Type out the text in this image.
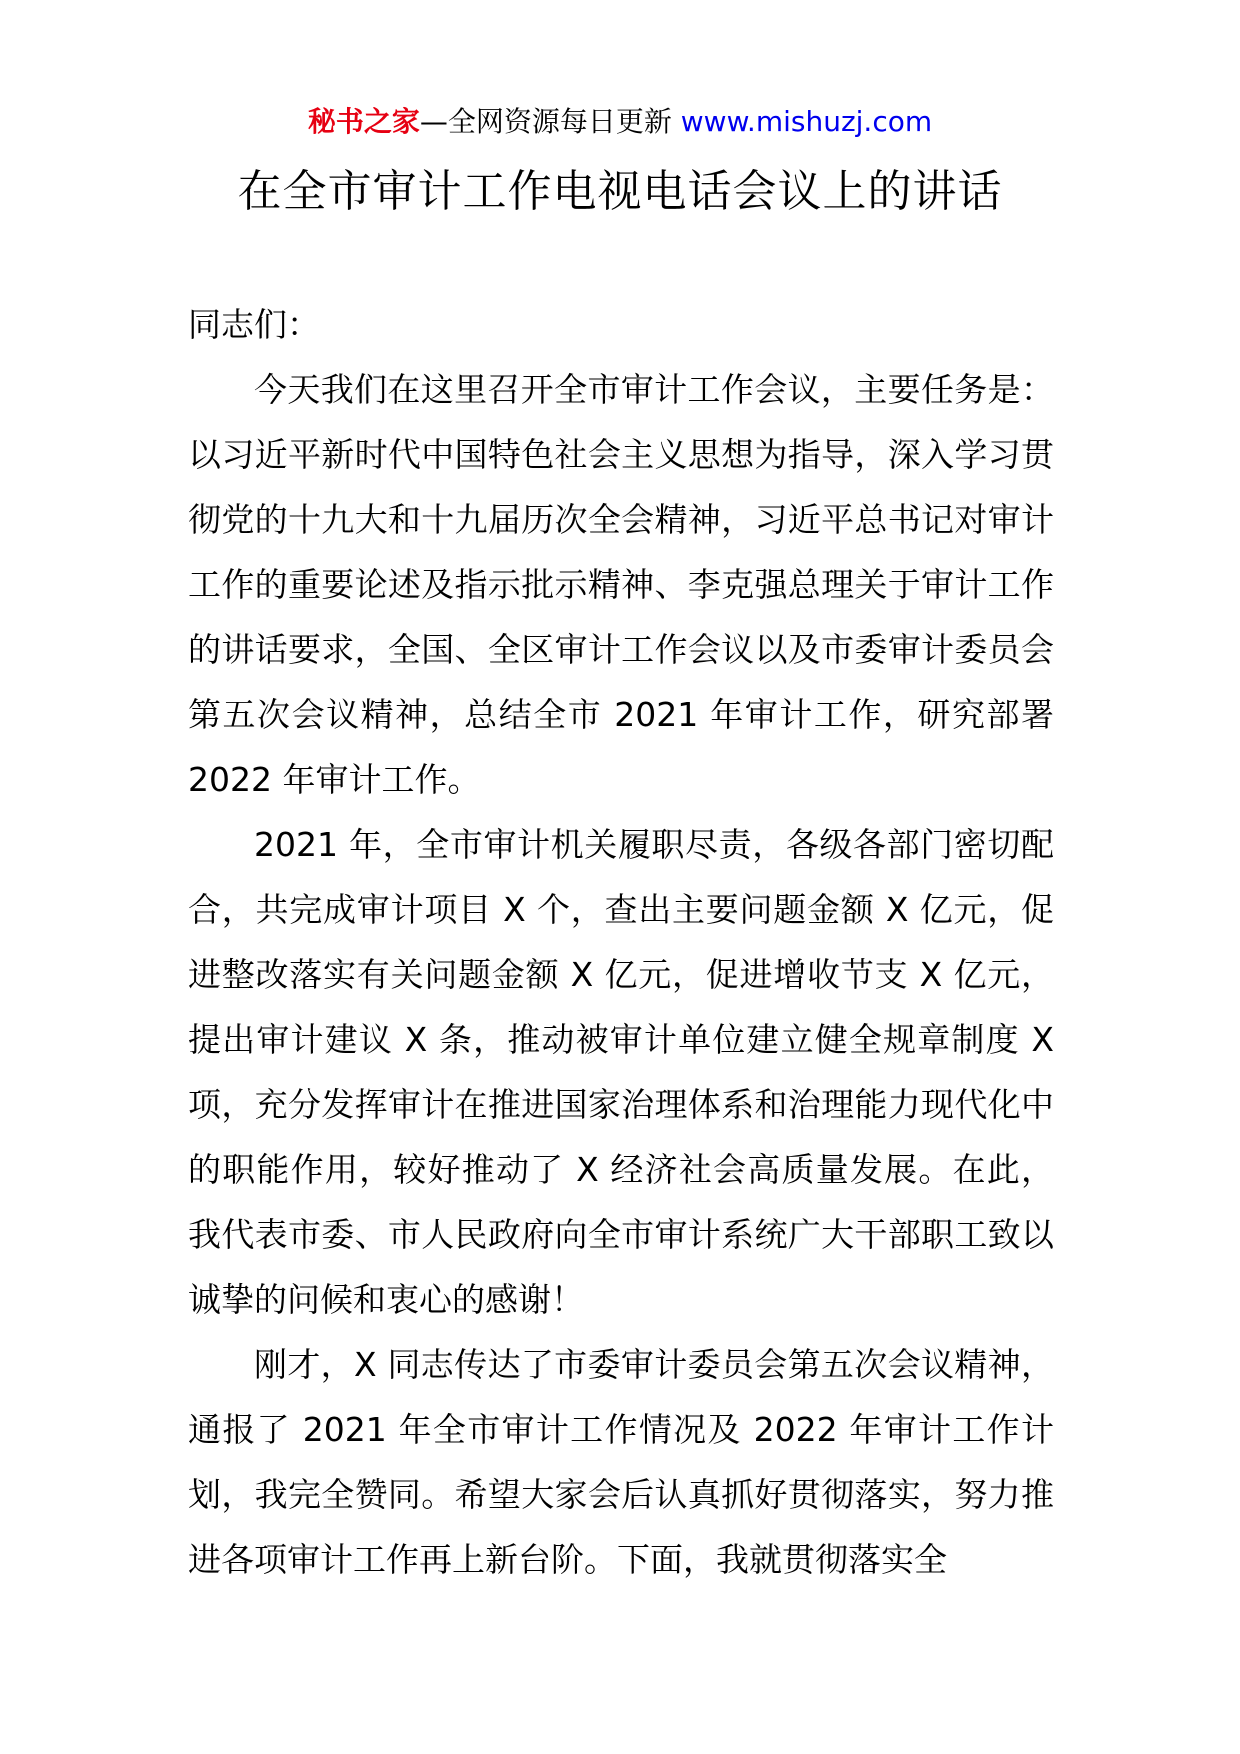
秘书之家—全网资源每日更新 www.mishuzj.com
在全市审计工作电视电话会议上的讲话

同志们：

今天我们在这里召开全市审计工作会议，主要任务是：以习近平新时代中国特色社会主义思想为指导，深入学习贯彻党的十九大和十九届历次全会精神，习近平总书记对审计工作的重要论述及指示批示精神、李克强总理关于审计工作的讲话要求，全国、全区审计工作会议以及市委审计委员会第五次会议精神，总结全市 2021 年审计工作，研究部署 2022 年审计工作。

2021 年，全市审计机关履职尽责，各级各部门密切配合，共完成审计项目 X 个，查出主要问题金额 X 亿元，促进整改落实有关问题金额 X 亿元，促进增收节支 X 亿元，提出审计建议 X 条，推动被审计单位建立健全规章制度 X 项，充分发挥审计在推进国家治理体系和治理能力现代化中的职能作用，较好推动了 X 经济社会高质量发展。在此，我代表市委、市人民政府向全市审计系统广大干部职工致以诚挚的问候和衷心的感谢！

刚才，X 同志传达了市委审计委员会第五次会议精神，通报了 2021 年全市审计工作情况及 2022 年审计工作计划，我完全赞同。希望大家会后认真抓好贯彻落实，努力推进各项审计工作再上新台阶。下面，我就贯彻落实全
